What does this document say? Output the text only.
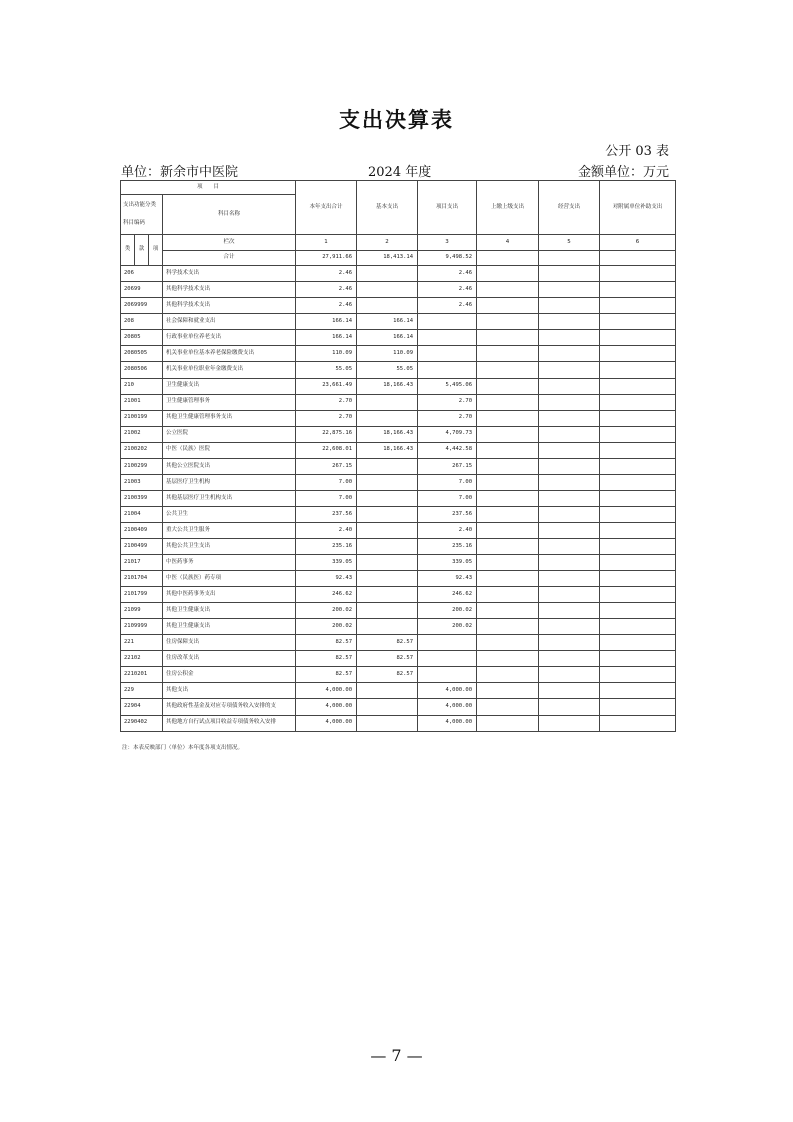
支出决算表
公开 03 表
单位：新余市中医院	2024 年度	金额单位：万元
项　　目				本年支出合计	基本支出	项目支出	上缴上级支出	经营支出	对附属单位补助支出
支出功能分类科目编码			科目名称						

类	款	项	栏次	1	2	3	4	5	6
			合计	27,911.66	18,413.14	9,498.52			
206			科学技术支出	2.46		2.46			
20699			其他科学技术支出	2.46		2.46			
2069999			其他科学技术支出	2.46		2.46			
208			社会保障和就业支出	166.14	166.14				
20805			行政事业单位养老支出	166.14	166.14				
2080505			机关事业单位基本养老保险缴费支出	110.09	110.09				
2080506			机关事业单位职业年金缴费支出	55.05	55.05				
210			卫生健康支出	23,661.49	18,166.43	5,495.06			
21001			卫生健康管理事务	2.70		2.70			
2100199			其他卫生健康管理事务支出	2.70		2.70			
21002			公立医院	22,875.16	18,166.43	4,709.73			
2100202			中医（民族）医院	22,608.01	18,166.43	4,442.58			
2100299			其他公立医院支出	267.15		267.15			
21003			基层医疗卫生机构	7.00		7.00			
2100399			其他基层医疗卫生机构支出	7.00		7.00			
21004			公共卫生	237.56		237.56			
2100409			重大公共卫生服务	2.40		2.40			
2100499			其他公共卫生支出	235.16		235.16			
21017			中医药事务	339.05		339.05			
2101704			中医（民族医）药专项	92.43		92.43			
2101799			其他中医药事务支出	246.62		246.62			
21099			其他卫生健康支出	200.02		200.02			
2109999			其他卫生健康支出	200.02		200.02			
221			住房保障支出	82.57	82.57				
22102			住房改革支出	82.57	82.57				
2210201			住房公积金	82.57	82.57				
229			其他支出	4,000.00		4,000.00			
22904			其他政府性基金及对应专项债务收入安排的支	4,000.00		4,000.00			
2290402			其他地方自行试点项目收益专项债务收入安排	4,000.00		4,000.00			
注：本表反映部门（单位）本年度各项支出情况。
— 7 —
